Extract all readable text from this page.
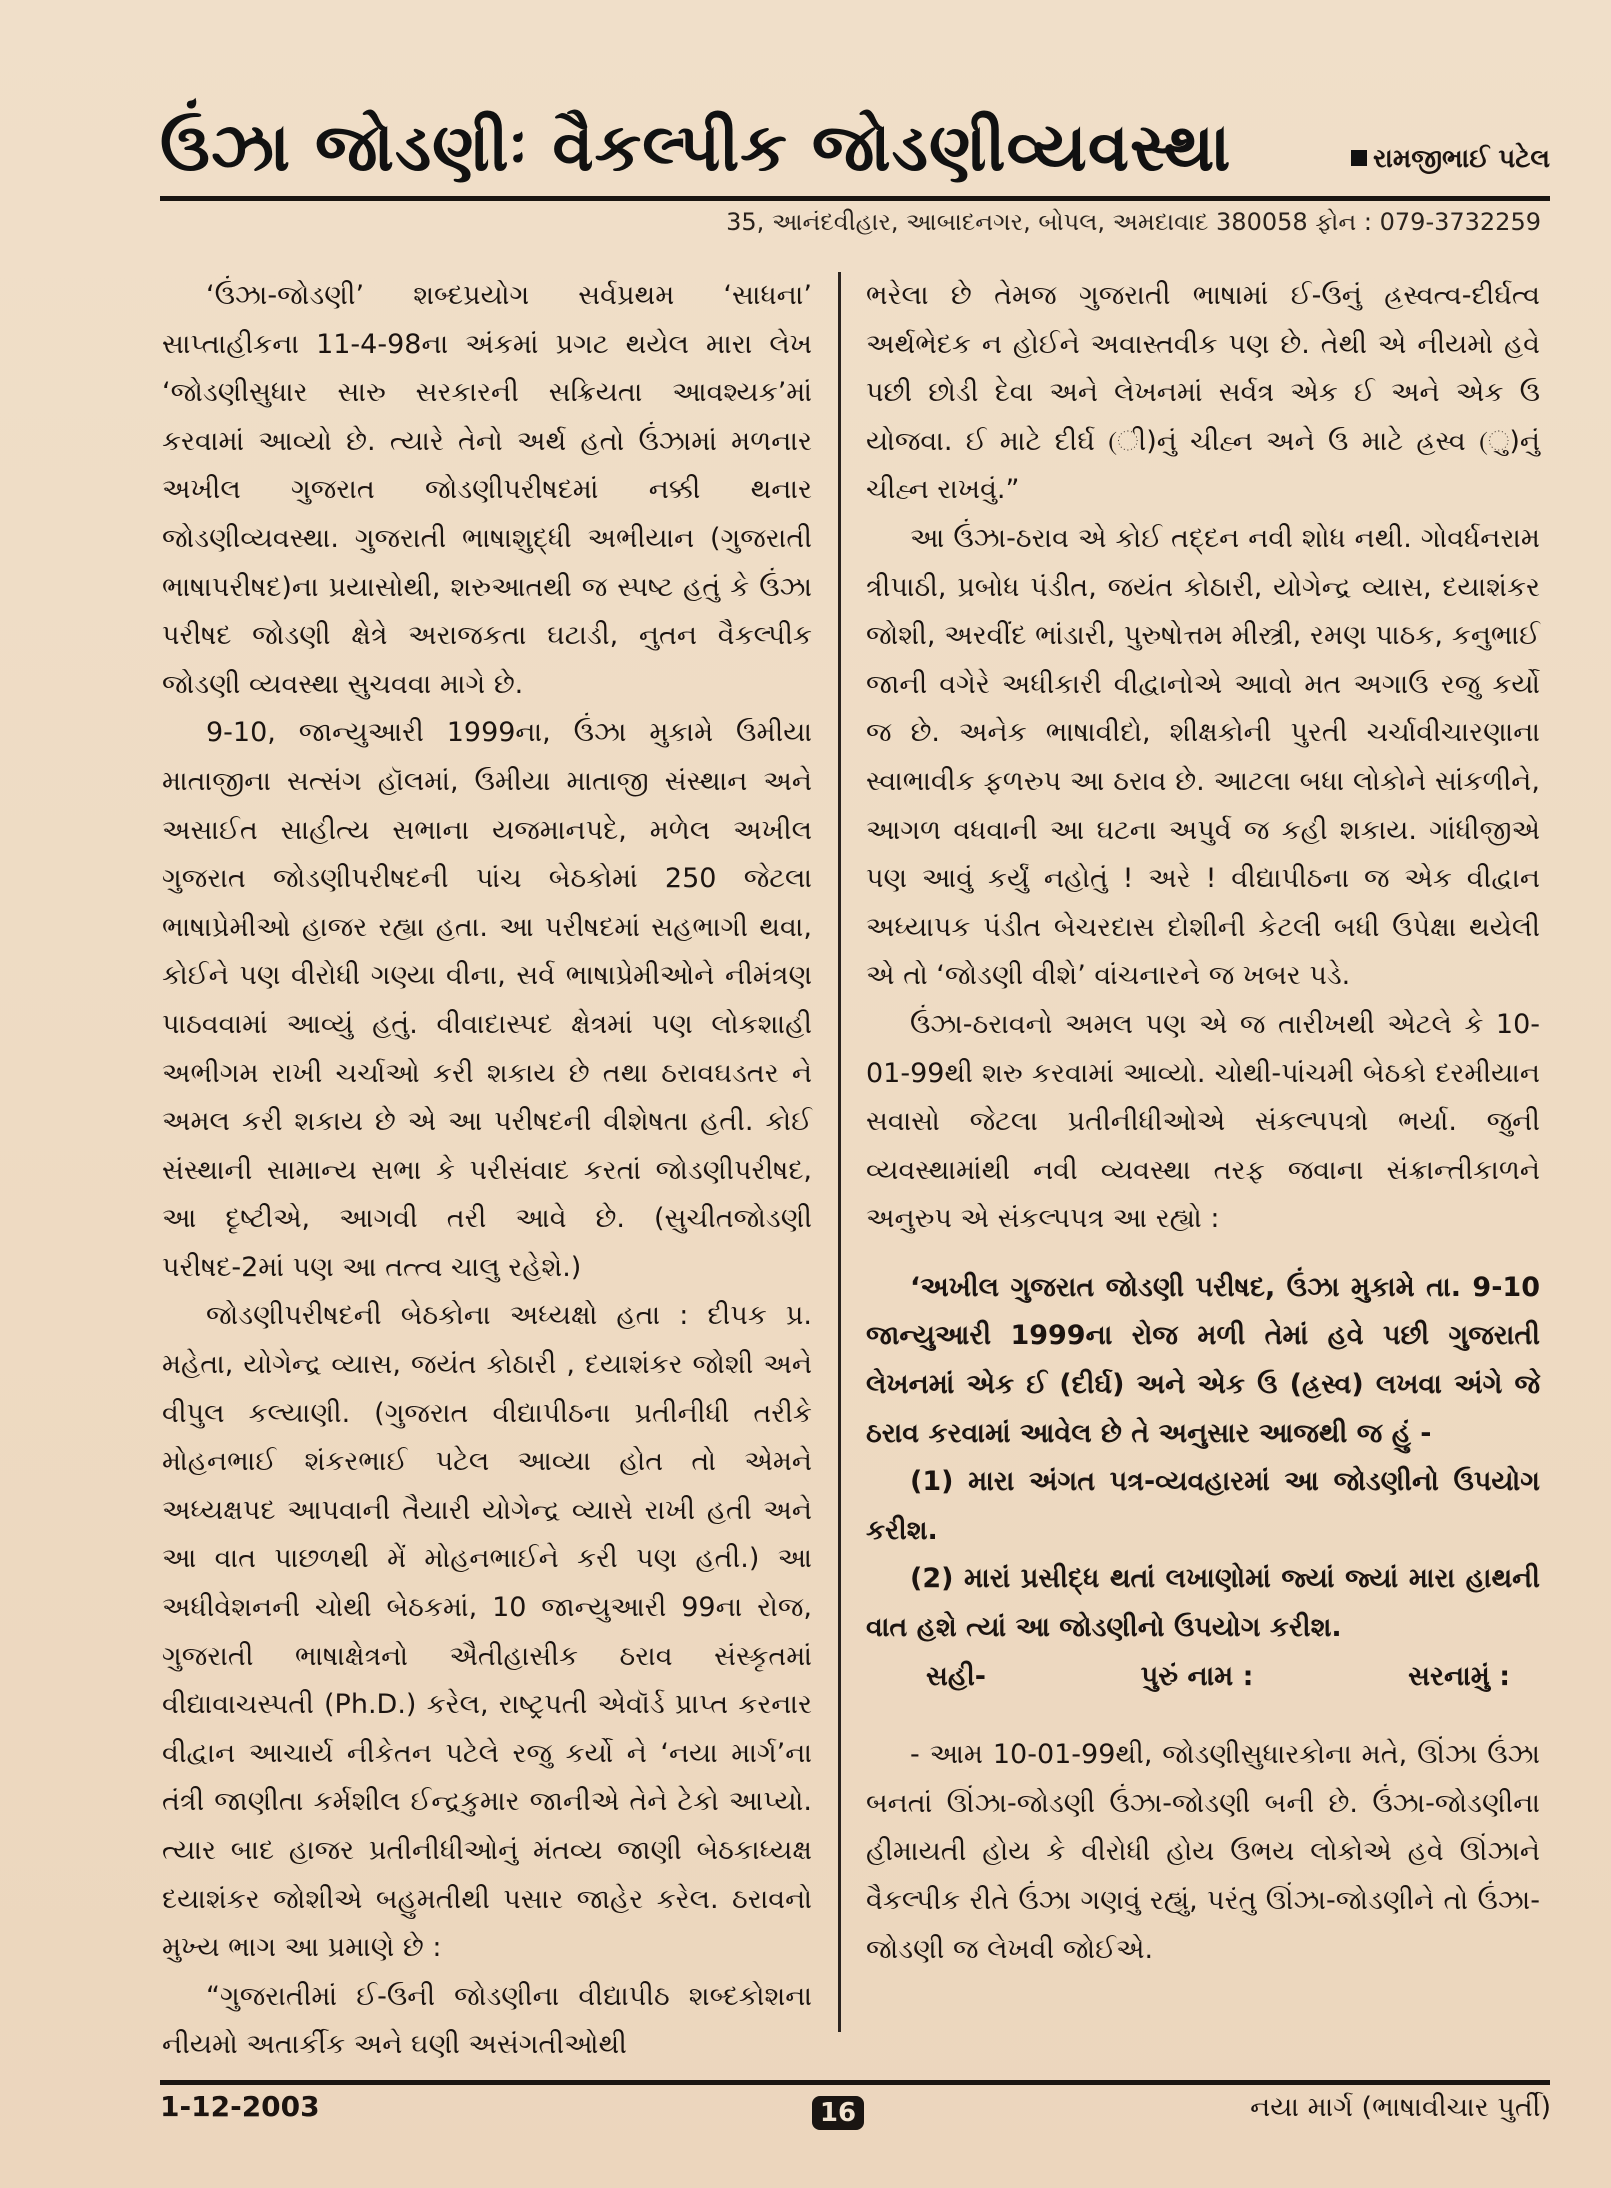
ઉંઝા જોડણીઃ વૈકલ્પીક જોડણીવ્યવસ્થા	રામજીભાઈ પટેલ
35, આનંદવીહાર, આબાદનગર, બોપલ, અમદાવાદ 380058 ફોન : 079-3732259

‘ઉંઝા-જોડણી’ શબ્દપ્રયોગ સર્વપ્રથમ ‘સાધના’ સાપ્તાહીકના 11-4-98ના અંકમાં પ્રગટ થયેલ મારા લેખ ‘જોડણીસુધાર સારુ સરકારની સક્રિયતા આવશ્યક’માં કરવામાં આવ્યો છે. ત્યારે તેનો અર્થ હતો ઉંઝામાં મળનાર અખીલ ગુજરાત જોડણીપરીષદમાં નક્કી થનાર જોડણીવ્યવસ્થા. ગુજરાતી ભાષાશુદ્ધી અભીયાન (ગુજરાતી ભાષાપરીષદ)ના પ્રયાસોથી, શરુઆતથી જ સ્પષ્ટ હતું કે ઉંઝા પરીષદ જોડણી ક્ષેત્રે અરાજકતા ઘટાડી, નુતન વૈકલ્પીક જોડણી વ્યવસ્થા સુચવવા માગે છે.

9-10, જાન્યુઆરી 1999ના, ઉંઝા મુકામે ઉમીયા માતાજીના સત્સંગ હૉલમાં, ઉમીયા માતાજી સંસ્થાન અને અસાઈત સાહીત્ય સભાના યજમાનપદે, મળેલ અખીલ ગુજરાત જોડણીપરીષદની પાંચ બેઠકોમાં 250 જેટલા ભાષાપ્રેમીઓ હાજર રહ્યા હતા. આ પરીષદમાં સહભાગી થવા, કોઈને પણ વીરોધી ગણ્યા વીના, સર્વ ભાષાપ્રેમીઓને નીમંત્રણ પાઠવવામાં આવ્યું હતું. વીવાદાસ્પદ ક્ષેત્રમાં પણ લોકશાહી અભીગમ રાખી ચર્ચાઓ કરી શકાય છે તથા ઠરાવઘડતર ને અમલ કરી શકાય છે એ આ પરીષદની વીશેષતા હતી. કોઈ સંસ્થાની સામાન્ય સભા કે પરીસંવાદ કરતાં જોડણીપરીષદ, આ દૃષ્ટીએ, આગવી તરી આવે છે. (સુચીતજોડણી પરીષદ-2માં પણ આ તત્ત્વ ચાલુ રહેશે.)

જોડણીપરીષદની બેઠકોના અધ્યક્ષો હતા : દીપક પ્ર. મહેતા, યોગેન્દ્ર વ્યાસ, જયંત કોઠારી , દયાશંકર જોશી અને વીપુલ કલ્યાણી. (ગુજરાત વીદ્યાપીઠના પ્રતીનીધી તરીકે મોહનભાઈ શંકરભાઈ પટેલ આવ્યા હોત તો એમને અધ્યક્ષપદ આપવાની તૈયારી યોગેન્દ્ર વ્યાસે રાખી હતી અને આ વાત પાછળથી મેં મોહનભાઈને કરી પણ હતી.) આ અધીવેશનની ચોથી બેઠકમાં, 10 જાન્યુઆરી 99ના રોજ, ગુજરાતી ભાષાક્ષેત્રનો ઐતીહાસીક ઠરાવ સંસ્કૃતમાં વીદ્યાવાચસ્પતી (Ph.D.) કરેલ, રાષ્ટ્રપતી એવૉર્ડ પ્રાપ્ત કરનાર વીદ્વાન આચાર્ય નીકેતન પટેલે રજુ કર્યો ને ‘નયા માર્ગ’ના તંત્રી જાણીતા કર્મશીલ ઈન્દ્રકુમાર જાનીએ તેને ટેકો આપ્યો. ત્યાર બાદ હાજર પ્રતીનીધીઓનું મંતવ્ય જાણી બેઠકાધ્યક્ષ દયાશંકર જોશીએ બહુમતીથી પસાર જાહેર કરેલ. ઠરાવનો મુખ્ય ભાગ આ પ્રમાણે છે :

“ગુજરાતીમાં ઈ-ઉની જોડણીના વીદ્યાપીઠ શબ્દકોશના નીયમો અતાર્કીક અને ઘણી અસંગતીઓથી

ભરેલા છે તેમજ ગુજરાતી ભાષામાં ઈ-ઉનું હ્રસ્વત્વ-દીર્ઘત્વ અર્થભેદક ન હોઈને અવાસ્તવીક પણ છે. તેથી એ નીયમો હવે પછી છોડી દેવા અને લેખનમાં સર્વત્ર એક ઈ અને એક ઉ યોજવા. ઈ માટે દીર્ઘ (ી)નું ચીહ્ન અને ઉ માટે હ્રસ્વ (ુ)નું ચીહ્ન રાખવું.”

આ ઉંઝા-ઠરાવ એ કોઈ તદ્દન નવી શોધ નથી. ગોવર્ધનરામ ત્રીપાઠી, પ્રબોધ પંડીત, જયંત કોઠારી, યોગેન્દ્ર વ્યાસ, દયાશંકર જોશી, અરવીંદ ભાંડારી, પુરુષોત્તમ મીસ્ત્રી, રમણ પાઠક, કનુભાઈ જાની વગેરે અધીકારી વીદ્વાનોએ આવો મત અગાઉ રજુ કર્યો જ છે. અનેક ભાષાવીદો, શીક્ષકોની પુરતી ચર્ચાવીચારણાના સ્વાભાવીક ફળરુપ આ ઠરાવ છે. આટલા બધા લોકોને સાંકળીને, આગળ વધવાની આ ઘટના અપુર્વ જ કહી શકાય. ગાંધીજીએ પણ આવું કર્યું નહોતું ! અરે ! વીદ્યાપીઠના જ એક વીદ્વાન અધ્યાપક પંડીત બેચરદાસ દોશીની કેટલી બધી ઉપેક્ષા થયેલી એ તો ‘જોડણી વીશે’ વાંચનારને જ ખબર પડે.

ઉંઝા-ઠરાવનો અમલ પણ એ જ તારીખથી એટલે કે 10-01-99થી શરુ કરવામાં આવ્યો. ચોથી-પાંચમી બેઠકો દરમીયાન સવાસો જેટલા પ્રતીનીધીઓએ સંકલ્પપત્રો ભર્યા. જુની વ્યવસ્થામાંથી નવી વ્યવસ્થા તરફ જવાના સંક્રાન્તીકાળને અનુરુપ એ સંકલ્પપત્ર આ રહ્યો :

‘અખીલ ગુજરાત જોડણી પરીષદ, ઉંઝા મુકામે તા. 9-10 જાન્યુઆરી 1999ના રોજ મળી તેમાં હવે પછી ગુજરાતી લેખનમાં એક ઈ (દીર્ઘ) અને એક ઉ (હ્રસ્વ) લખવા અંગે જે ઠરાવ કરવામાં આવેલ છે તે અનુસાર આજથી જ હું -

(1) મારા અંગત પત્ર-વ્યવહારમાં આ જોડણીનો ઉપયોગ કરીશ.

(2) મારાં પ્રસીદ્ધ થતાં લખાણોમાં જ્યાં જ્યાં મારા હાથની વાત હશે ત્યાં આ જોડણીનો ઉપયોગ કરીશ.

સહી-	પુરું નામ :	સરનામું :

- આમ 10-01-99થી, જોડણીસુધારકોના મતે, ઊંઝા ઉંઝા બનતાં ઊંઝા-જોડણી ઉંઝા-જોડણી બની છે. ઉંઝા-જોડણીના હીમાયતી હોય કે વીરોધી હોય ઉભય લોકોએ હવે ઊંઝાને વૈકલ્પીક રીતે ઉંઝા ગણવું રહ્યું, પરંતુ ઊંઝા-જોડણીને તો ઉંઝા-જોડણી જ લેખવી જોઈએ.

1-12-2003	16	નયા માર્ગ (ભાષાવીચાર પુર્તી)
